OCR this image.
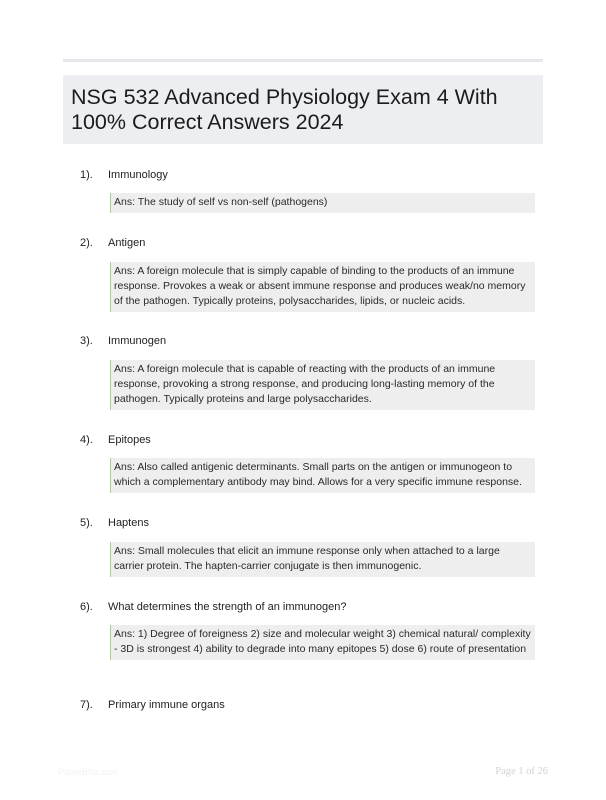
NSG 532 Advanced Physiology Exam 4 With 100% Correct Answers 2024
1). Immunology
Ans: The study of self vs non-self (pathogens)
2). Antigen
Ans: A foreign molecule that is simply capable of binding to the products of an immune response. Provokes a weak or absent immune response and produces weak/no memory of the pathogen. Typically proteins, polysaccharides, lipids, or nucleic acids.
3). Immunogen
Ans: A foreign molecule that is capable of reacting with the products of an immune response, provoking a strong response, and producing long-lasting memory of the pathogen. Typically proteins and large polysaccharides.
4). Epitopes
Ans: Also called antigenic determinants. Small parts on the antigen or immunogeon to which a complementary antibody may bind. Allows for a very specific immune response.
5). Haptens
Ans: Small molecules that elicit an immune response only when attached to a large carrier protein. The hapten-carrier conjugate is then immunogenic.
6). What determines the strength of an immunogen?
Ans: 1) Degree of foreigness 2) size and molecular weight 3) chemical natural/ complexity - 3D is strongest 4) ability to degrade into many epitopes 5) dose 6) route of presentation
7). Primary immune organs
PaperBlitz.com	Page 1 of 26
